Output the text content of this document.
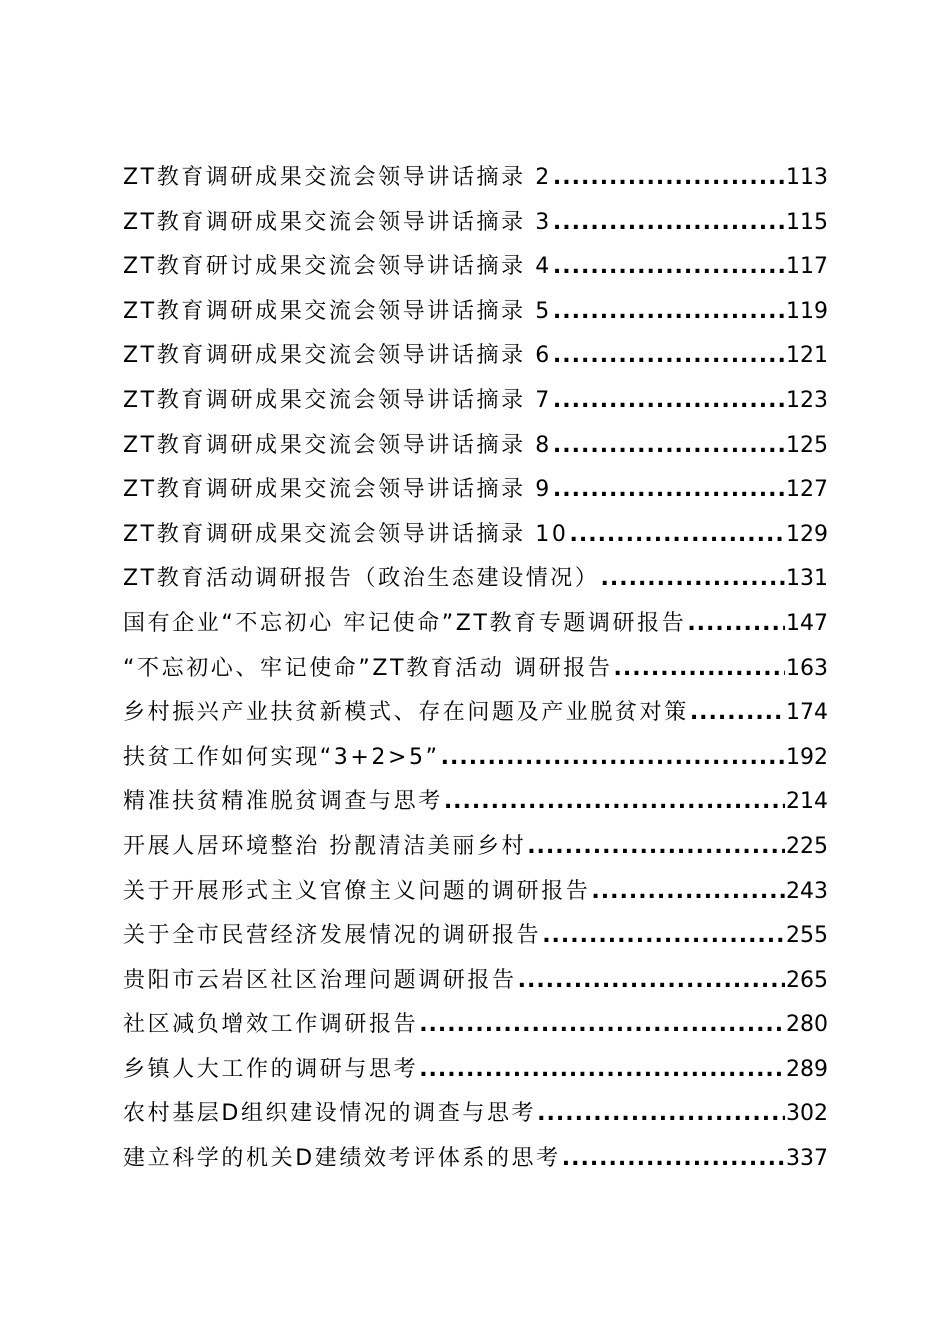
ZT教育调研成果交流会领导讲话摘录 2 .....	113
ZT教育调研成果交流会领导讲话摘录 3 .....	115
ZT教育研讨成果交流会领导讲话摘录 4 .....	117
ZT教育调研成果交流会领导讲话摘录 5 .....	119
ZT教育调研成果交流会领导讲话摘录 6 .....	121
ZT教育调研成果交流会领导讲话摘录 7 .....	123
ZT教育调研成果交流会领导讲话摘录 8 .....	125
ZT教育调研成果交流会领导讲话摘录 9 .....	127
ZT教育调研成果交流会领导讲话摘录 10 .....	129
ZT教育活动调研报告（政治生态建设情况） .....	131
国有企业“不忘初心 牢记使命”ZT教育专题调研报告 .....	147
“不忘初心、牢记使命”ZT教育活动 调研报告 .....	163
乡村振兴产业扶贫新模式、存在问题及产业脱贫对策 .....	174
扶贫工作如何实现“3+2>5” .....	192
精准扶贫精准脱贫调查与思考 .....	214
开展人居环境整治 扮靓清洁美丽乡村 .....	225
关于开展形式主义官僚主义问题的调研报告 .....	243
关于全市民营经济发展情况的调研报告 .....	255
贵阳市云岩区社区治理问题调研报告 .....	265
社区减负增效工作调研报告 .....	280
乡镇人大工作的调研与思考 .....	289
农村基层D组织建设情况的调查与思考 .....	302
建立科学的机关D建绩效考评体系的思考 .....	337
